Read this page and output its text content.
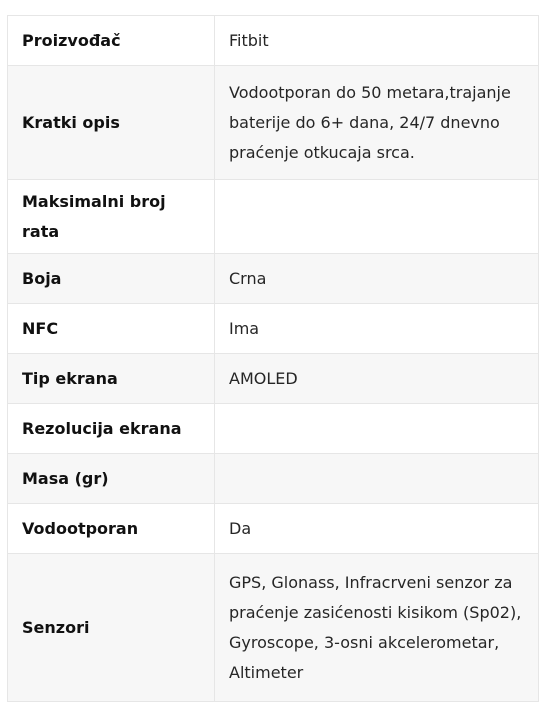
Proizvođač	Fitbit
Kratki opis	Vodootporan do 50 metara,trajanje baterije do 6+ dana, 24/7 dnevno praćenje otkucaja srca.
Maksimalni broj rata	
Boja	Crna
NFC	Ima
Tip ekrana	AMOLED
Rezolucija ekrana	
Masa (gr)	
Vodootporan	Da
Senzori	GPS, Glonass, Infracrveni senzor za praćenje zasićenosti kisikom (Sp02), Gyroscope, 3-osni akcelerometar, Altimeter
